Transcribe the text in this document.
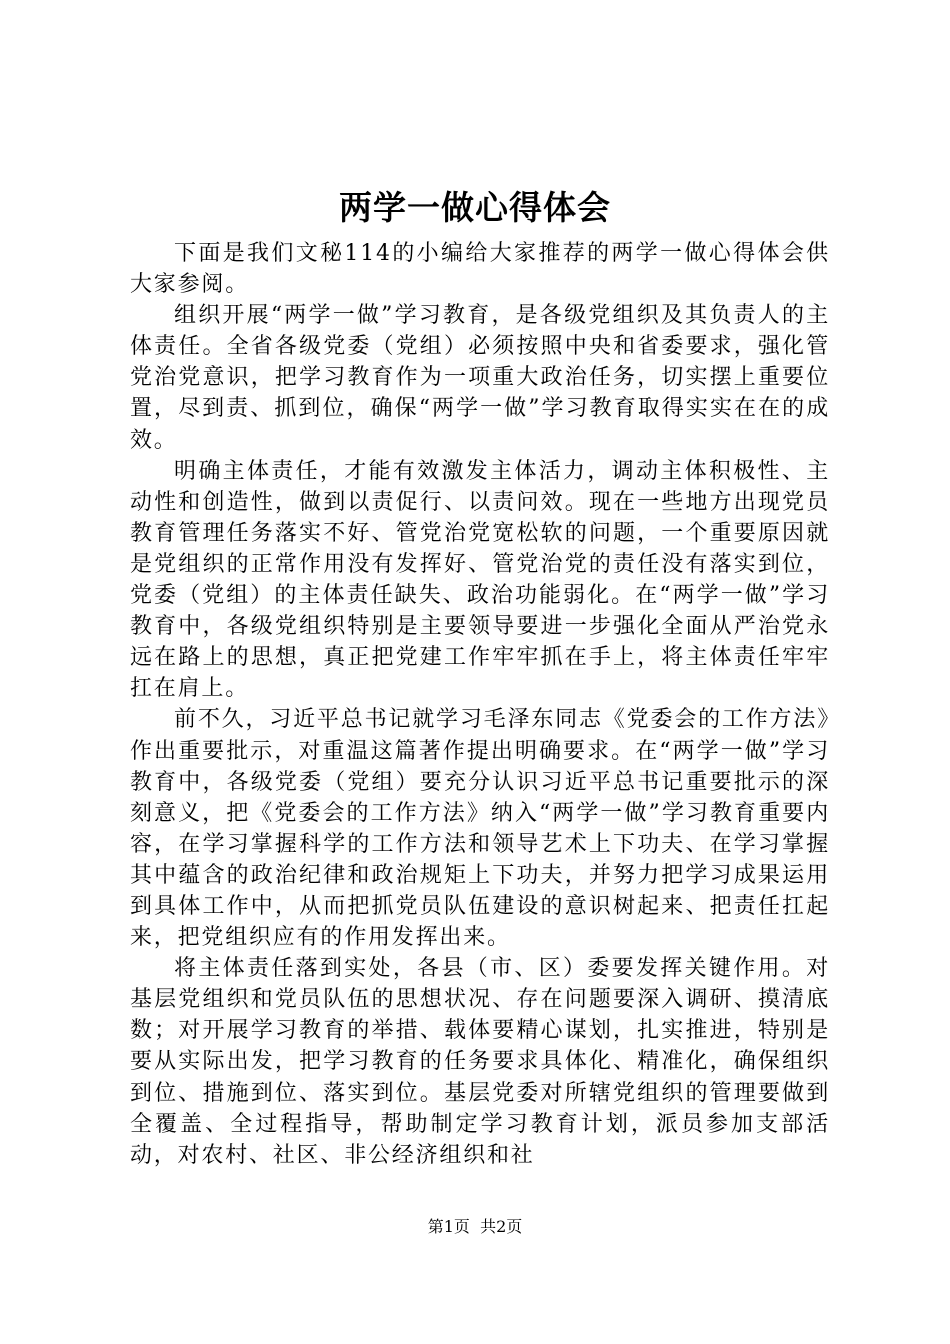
两学一做心得体会

下面是我们文秘114的小编给大家推荐的两学一做心得体会供大家参阅。

组织开展“两学一做”学习教育，是各级党组织及其负责人的主体责任。全省各级党委（党组）必须按照中央和省委要求，强化管党治党意识，把学习教育作为一项重大政治任务，切实摆上重要位置，尽到责、抓到位，确保“两学一做”学习教育取得实实在在的成效。

明确主体责任，才能有效激发主体活力，调动主体积极性、主动性和创造性，做到以责促行、以责问效。现在一些地方出现党员教育管理任务落实不好、管党治党宽松软的问题，一个重要原因就是党组织的正常作用没有发挥好、管党治党的责任没有落实到位，党委（党组）的主体责任缺失、政治功能弱化。在“两学一做”学习教育中，各级党组织特别是主要领导要进一步强化全面从严治党永远在路上的思想，真正把党建工作牢牢抓在手上，将主体责任牢牢扛在肩上。

前不久，习近平总书记就学习毛泽东同志《党委会的工作方法》作出重要批示，对重温这篇著作提出明确要求。在“两学一做”学习教育中，各级党委（党组）要充分认识习近平总书记重要批示的深刻意义，把《党委会的工作方法》纳入“两学一做”学习教育重要内容，在学习掌握科学的工作方法和领导艺术上下功夫、在学习掌握其中蕴含的政治纪律和政治规矩上下功夫，并努力把学习成果运用到具体工作中，从而把抓党员队伍建设的意识树起来、把责任扛起来，把党组织应有的作用发挥出来。

将主体责任落到实处，各县（市、区）委要发挥关键作用。对基层党组织和党员队伍的思想状况、存在问题要深入调研、摸清底数；对开展学习教育的举措、载体要精心谋划，扎实推进，特别是要从实际出发，把学习教育的任务要求具体化、精准化，确保组织到位、措施到位、落实到位。基层党委对所辖党组织的管理要做到全覆盖、全过程指导，帮助制定学习教育计划，派员参加支部活动，对农村、社区、非公经济组织和社

第1页 共2页
